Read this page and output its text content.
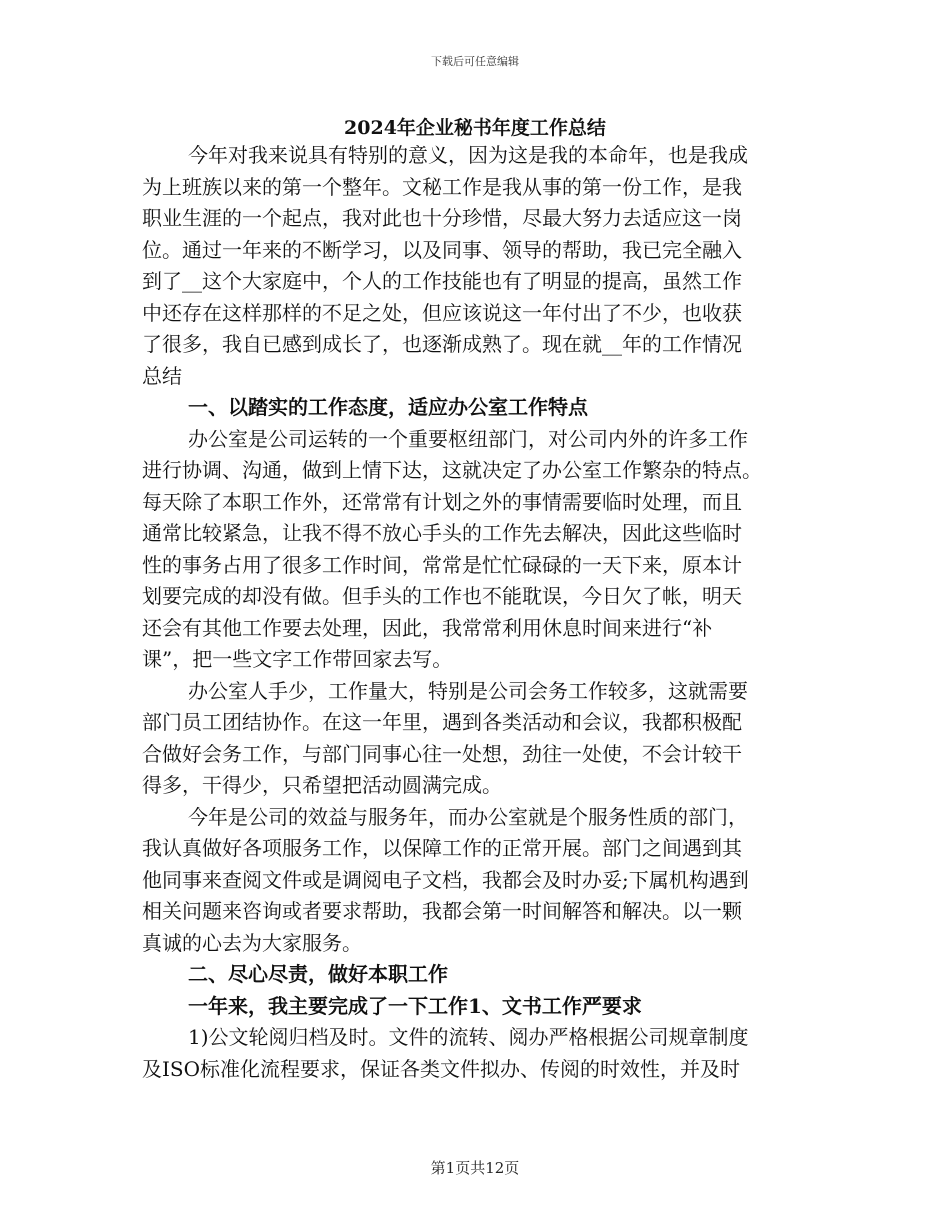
下载后可任意编辑
2024年企业秘书年度工作总结
今年对我来说具有特别的意义，因为这是我的本命年，也是我成
为上班族以来的第一个整年。文秘工作是我从事的第一份工作，是我
职业生涯的一个起点，我对此也十分珍惜，尽最大努力去适应这一岗
位。通过一年来的不断学习，以及同事、领导的帮助，我已完全融入
到了__这个大家庭中，个人的工作技能也有了明显的提高，虽然工作
中还存在这样那样的不足之处，但应该说这一年付出了不少，也收获
了很多，我自已感到成长了，也逐渐成熟了。现在就__年的工作情况
总结
一、以踏实的工作态度，适应办公室工作特点
办公室是公司运转的一个重要枢纽部门，对公司内外的许多工作
进行协调、沟通，做到上情下达，这就决定了办公室工作繁杂的特点。
每天除了本职工作外，还常常有计划之外的事情需要临时处理，而且
通常比较紧急，让我不得不放心手头的工作先去解决，因此这些临时
性的事务占用了很多工作时间，常常是忙忙碌碌的一天下来，原本计
划要完成的却没有做。但手头的工作也不能耽误，今日欠了帐，明天
还会有其他工作要去处理，因此，我常常利用休息时间来进行“补
课”，把一些文字工作带回家去写。
办公室人手少，工作量大，特别是公司会务工作较多，这就需要
部门员工团结协作。在这一年里，遇到各类活动和会议，我都积极配
合做好会务工作，与部门同事心往一处想，劲往一处使，不会计较干
得多，干得少，只希望把活动圆满完成。
今年是公司的效益与服务年，而办公室就是个服务性质的部门，
我认真做好各项服务工作，以保障工作的正常开展。部门之间遇到其
他同事来查阅文件或是调阅电子文档，我都会及时办妥;下属机构遇到
相关问题来咨询或者要求帮助，我都会第一时间解答和解决。以一颗
真诚的心去为大家服务。
二、尽心尽责，做好本职工作
一年来，我主要完成了一下工作1、文书工作严要求
1)公文轮阅归档及时。文件的流转、阅办严格根据公司规章制度
及ISO标准化流程要求，保证各类文件拟办、传阅的时效性，并及时
第1页共12页
